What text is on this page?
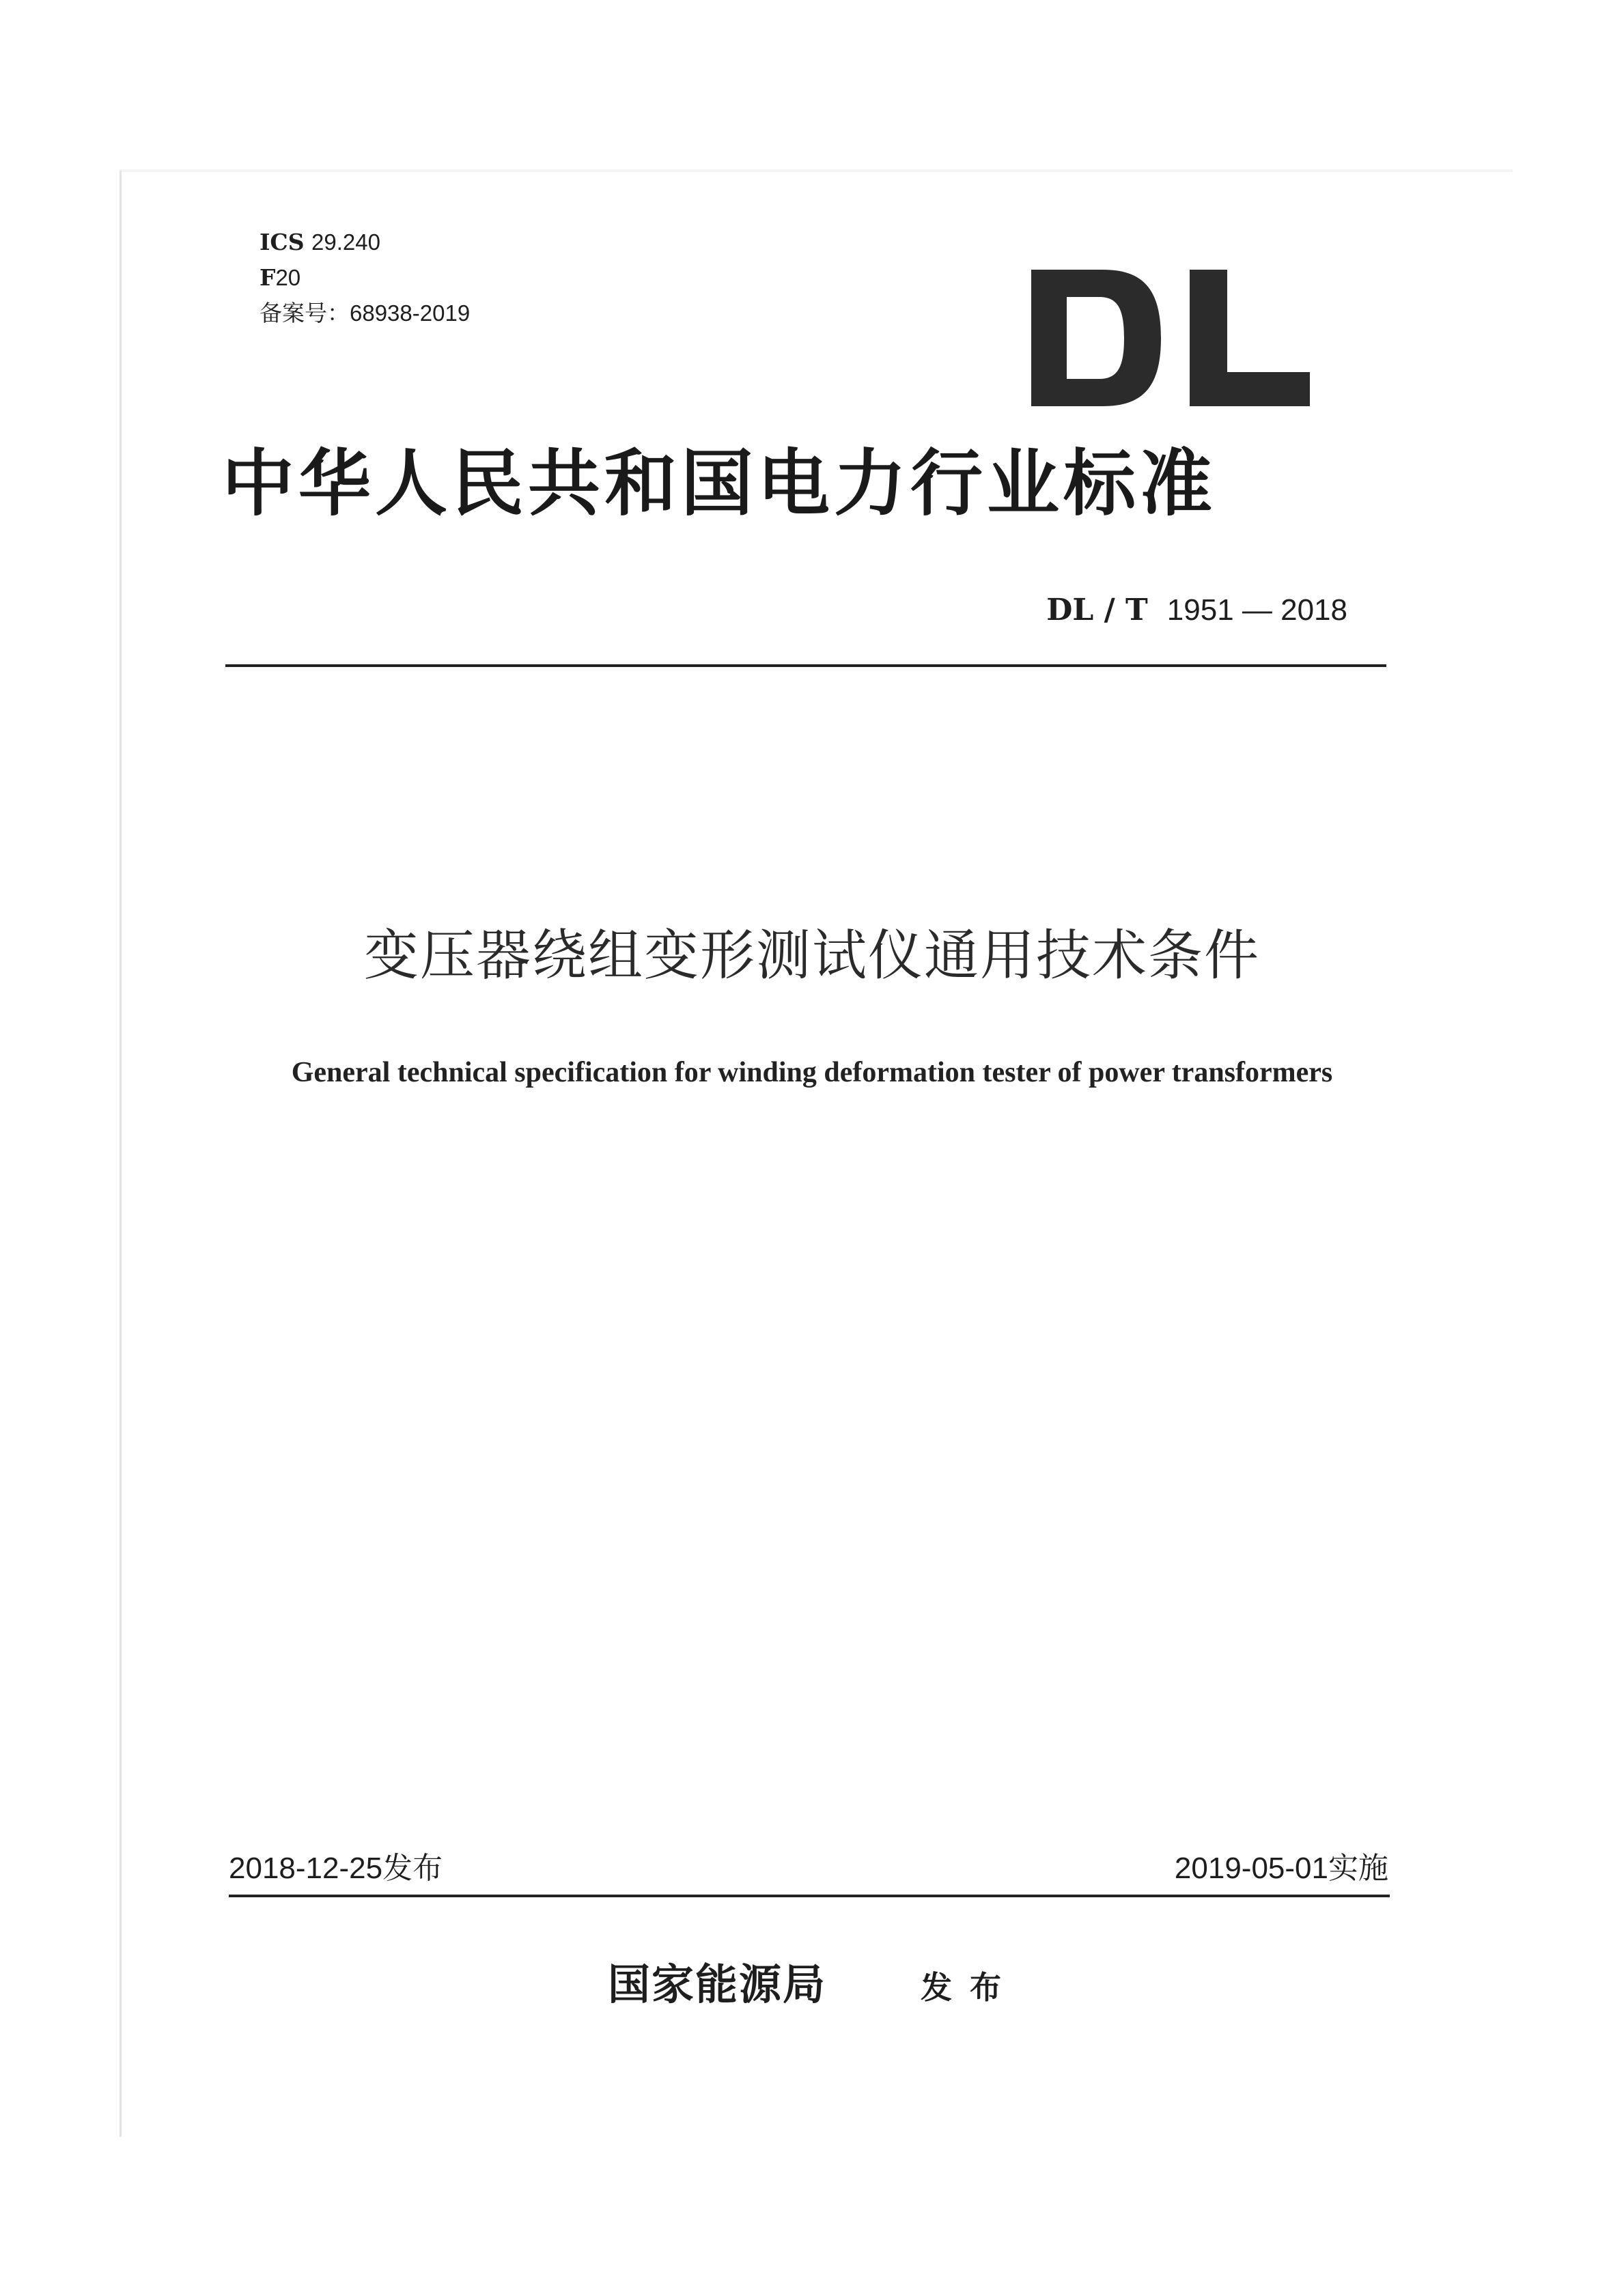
ICS 29.240
F20
备案号：68938-2019
中华人民共和国电力行业标准
DL / T 1951 — 2018
变压器绕组变形测试仪通用技术条件
General technical specification for winding deformation tester of power transformers
2018-12-25发布	2019-05-01实施
国家能源局	发布
